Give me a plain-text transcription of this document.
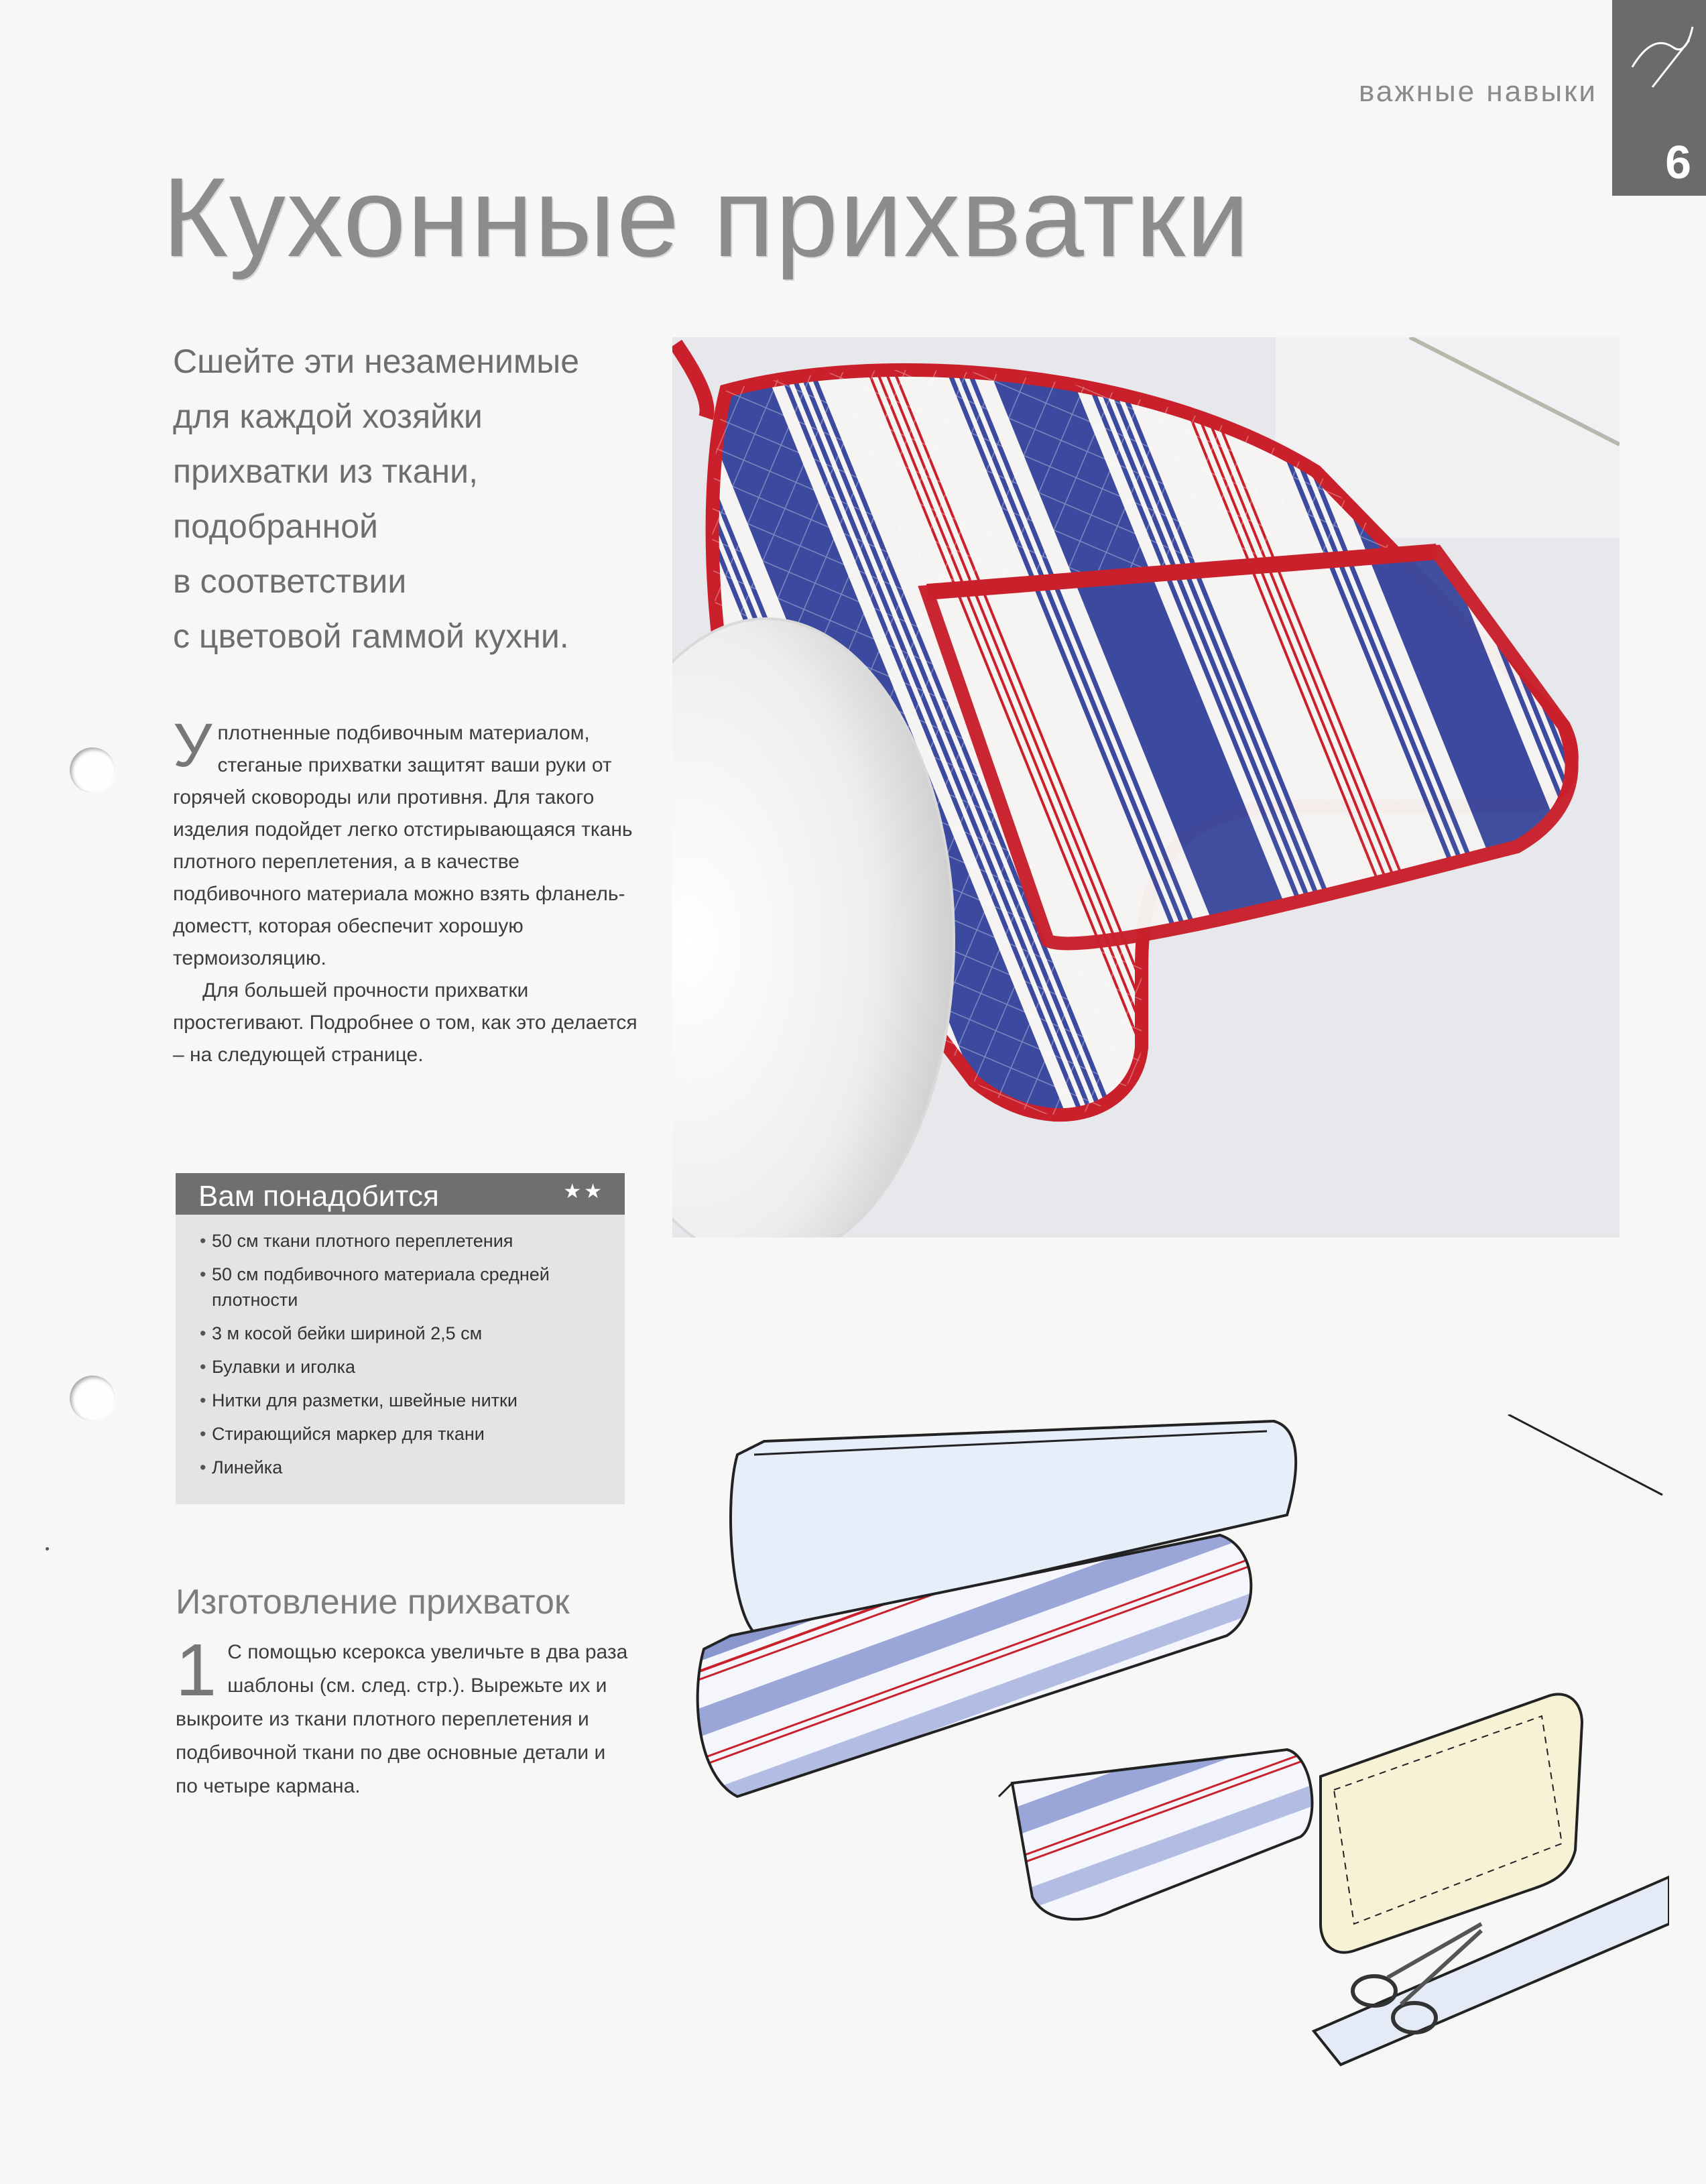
важные навыки
6
Кухонные прихватки
Сшейте эти незаменимые
для каждой хозяйки
прихватки из ткани,
подобранной
в соответствии
с цветовой гаммой кухни.

Уплотненные подбивочным материалом, стеганые прихватки защитят ваши руки от горячей сковороды или противня. Для такого изделия подойдет легко отстирывающаяся ткань плотного переплетения, а в качестве подбивочного материала можно взять фланель-доместт, которая обеспечит хорошую термоизоляцию.

Для большей прочности прихватки простегивают. Подробнее о том, как это делается – на следующей странице.

Вам понадобится	★★
• 50 см ткани плотного переплетения
• 50 см подбивочного материала средней плотности
• 3 м косой бейки шириной 2,5 см
• Булавки и иголка
• Нитки для разметки, швейные нитки
• Стирающийся маркер для ткани
• Линейка
Изготовление прихваток
1 С помощью ксерокса увеличьте в два раза шаблоны (см. след. стр.). Вырежьте их и выкроите из ткани плотного переплетения и подбивочной ткани по две основные детали и по четыре кармана.
